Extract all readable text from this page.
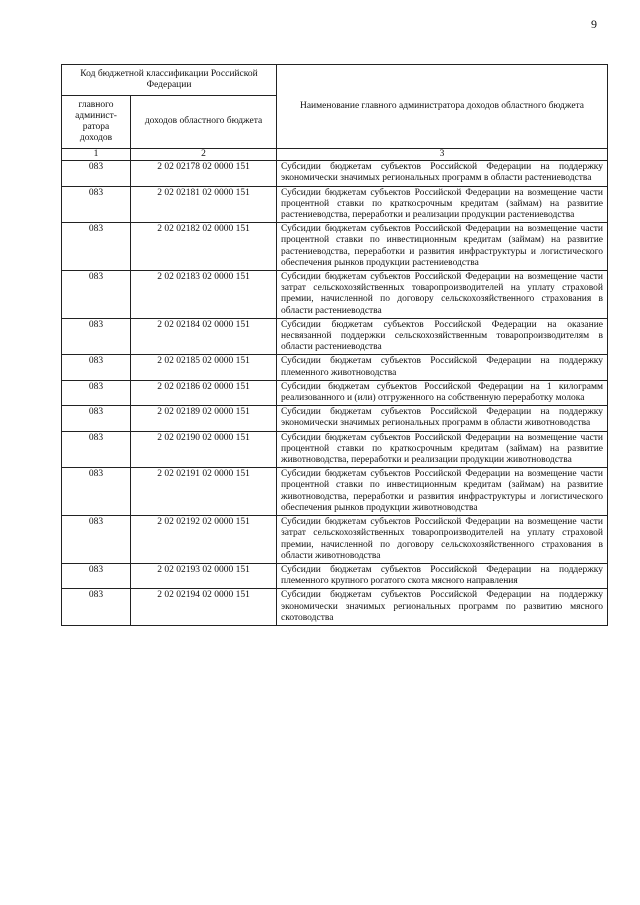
9
Код бюджетной классификации Российской Федерации		Наименование главного администратора доходов областного бюджета
главного админист-ратора доходов	доходов областного бюджета	
1	2	3
083	2 02 02178 02 0000 151	Субсидии бюджетам субъектов Российской Федерации на поддержку экономически значимых региональных программ в области растениеводства
083	2 02 02181 02 0000 151	Субсидии бюджетам субъектов Российской Федерации на возмещение части процентной ставки по краткосрочным кредитам (займам) на развитие растениеводства, переработки и реализации продукции растениеводства
083	2 02 02182 02 0000 151	Субсидии бюджетам субъектов Российской Федерации на возмещение части процентной ставки по инвестиционным кредитам (займам) на развитие растениеводства, переработки и развития инфраструктуры и логистического обеспечения рынков продукции растениеводства
083	2 02 02183 02 0000 151	Субсидии бюджетам субъектов Российской Федерации на возмещение части затрат сельскохозяйственных товаропроизводителей на уплату страховой премии, начисленной по договору сельскохозяйственного страхования в области растениеводства
083	2 02 02184 02 0000 151	Субсидии бюджетам субъектов Российской Федерации на оказание несвязанной поддержки сельскохозяйственным товаропроизводителям в области растениеводства
083	2 02 02185 02 0000 151	Субсидии бюджетам субъектов Российской Федерации на поддержку племенного животноводства
083	2 02 02186 02 0000 151	Субсидии бюджетам субъектов Российской Федерации на 1 килограмм реализованного и (или) отгруженного на собственную переработку молока
083	2 02 02189 02 0000 151	Субсидии бюджетам субъектов Российской Федерации на поддержку экономически значимых региональных программ в области животноводства
083	2 02 02190 02 0000 151	Субсидии бюджетам субъектов Российской Федерации на возмещение части процентной ставки по краткосрочным кредитам (займам) на развитие животноводства, переработки и реализации продукции животноводства
083	2 02 02191 02 0000 151	Субсидии бюджетам субъектов Российской Федерации на возмещение части процентной ставки по инвестиционным кредитам (займам) на развитие животноводства, переработки и развития инфраструктуры и логистического обеспечения рынков продукции животноводства
083	2 02 02192 02 0000 151	Субсидии бюджетам субъектов Российской Федерации на возмещение части затрат сельскохозяйственных товаропроизводителей на уплату страховой премии, начисленной по договору сельскохозяйственного страхования в области животноводства
083	2 02 02193 02 0000 151	Субсидии бюджетам субъектов Российской Федерации на поддержку племенного крупного рогатого скота мясного направления
083	2 02 02194 02 0000 151	Субсидии бюджетам субъектов Российской Федерации на поддержку экономически значимых региональных программ по развитию мясного скотоводства
